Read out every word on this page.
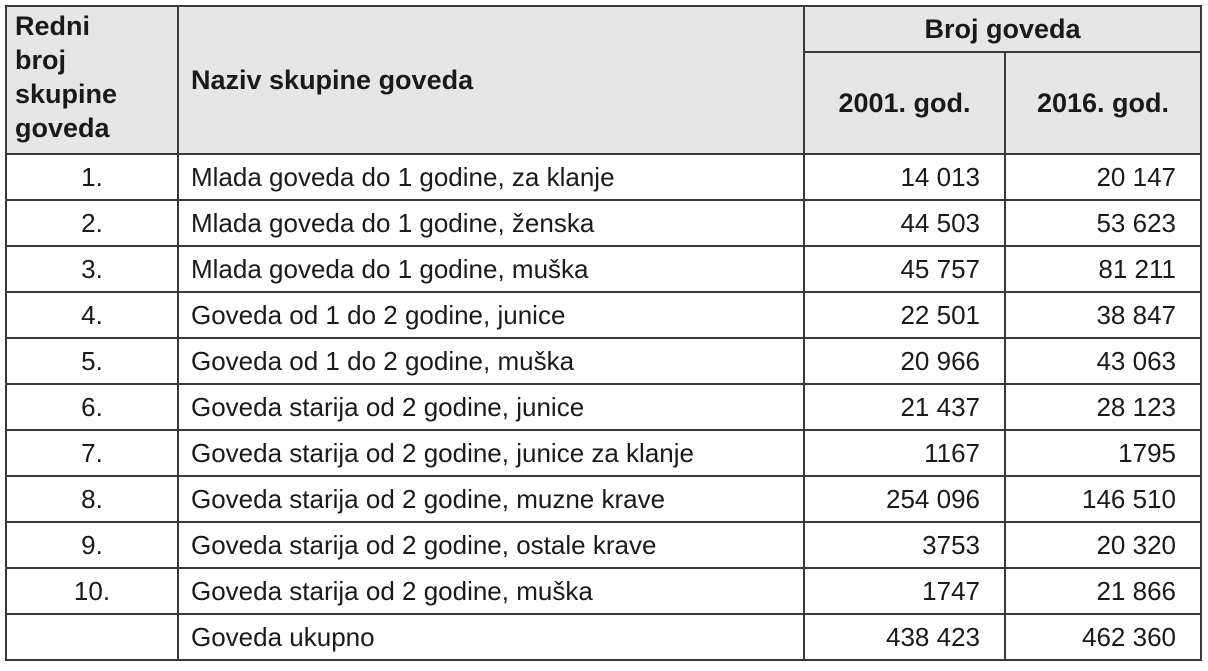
Redni
broj
skupine
goveda	Naziv skupine goveda	Broj goveda	
		2001. god.	2016. god.
1.	Mlada goveda do 1 godine, za klanje	14 013	20 147
2.	Mlada goveda do 1 godine, ženska	44 503	53 623
3.	Mlada goveda do 1 godine, muška	45 757	81 211
4.	Goveda od 1 do 2 godine, junice	22 501	38 847
5.	Goveda od 1 do 2 godine, muška	20 966	43 063
6.	Goveda starija od 2 godine, junice	21 437	28 123
7.	Goveda starija od 2 godine, junice za klanje	1167	1795
8.	Goveda starija od 2 godine, muzne krave	254 096	146 510
9.	Goveda starija od 2 godine, ostale krave	3753	20 320
10.	Goveda starija od 2 godine, muška	1747	21 866
	Goveda ukupno	438 423	462 360
